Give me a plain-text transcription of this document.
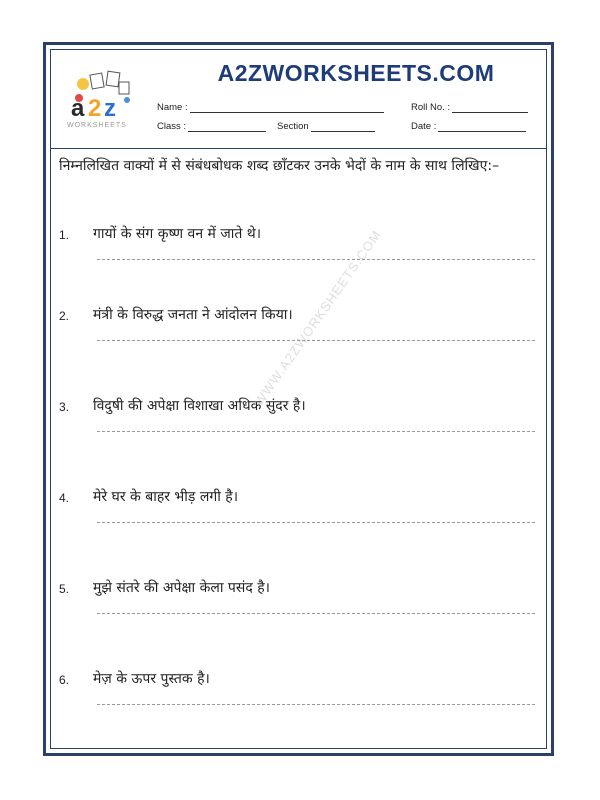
a 2 z
WORKSHEETS
A2ZWORKSHEETS.COM
Name :	Roll No. :
Class :	Section	Date :
निम्नलिखित वाक्यों में से संबंधबोधक शब्द छाँटकर उनके भेदों के नाम के साथ लिखिए:–
1. गायों के संग कृष्ण वन में जाते थे।
2. मंत्री के विरुद्ध जनता ने आंदोलन किया।
3. विदुषी की अपेक्षा विशाखा अधिक सुंदर है।
4. मेरे घर के बाहर भीड़ लगी है।
5. मुझे संतरे की अपेक्षा केला पसंद है।
6. मेज़ के ऊपर पुस्तक है।
WWW.A2ZWORKSHEETS.COM
